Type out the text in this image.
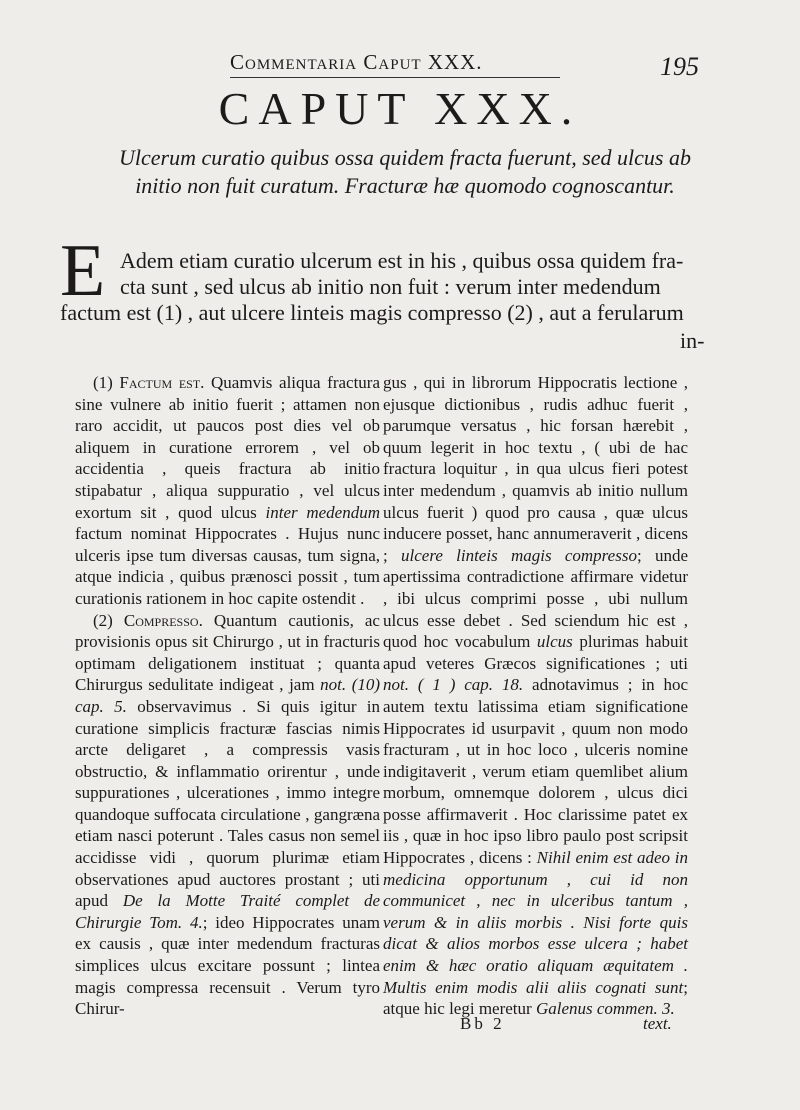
Commentaria Caput XXX.	195
CAPUT XXX.
Ulcerum curatio quibus ossa quidem fracta fuerunt, sed ulcus ab initio non fuit curatum. Fracturæ hæ quomodo cognoscantur.
E Adem etiam curatio ulcerum est in his , quibus ossa quidem fra-
cta sunt , sed ulcus ab initio non fuit : verum inter medendum
factum est (1) , aut ulcere linteis magis compresso (2) , aut a ferularum
in-

(1) Factum est. Quamvis aliqua fractura sine vulnere ab initio fuerit ; attamen non raro accidit, ut paucos post dies vel ob aliquem in curatione errorem , vel ob accidentia , queis fractura ab initio stipabatur , aliqua suppuratio , vel ulcus exortum sit , quod ulcus inter medendum factum nominat Hippocrates . Hujus nunc ulceris ipse tum diversas causas, tum signa, atque indicia , quibus prænosci possit , tum curationis rationem in hoc capite ostendit .

(2) Compresso. Quantum cautionis, ac provisionis opus sit Chirurgo , ut in fracturis optimam deligationem instituat ; quanta Chirurgus sedulitate indigeat , jam not. (10) cap. 5. observavimus . Si quis igitur in curatione simplicis fracturæ fascias nimis arcte deligaret , a compressis vasis obstructio, & inflammatio orirentur , unde suppurationes , ulcerationes , immo integre quandoque suffocata circulatione , gangræna etiam nasci poterunt . Tales casus non semel accidisse vidi , quorum plurimæ etiam observationes apud auctores prostant ; uti apud De la Motte Traité complet de Chirurgie Tom. 4.; ideo Hippocrates unam ex causis , quæ inter medendum fracturas simplices ulcus excitare possunt ; lintea magis compressa recensuit . Verum tyro Chirur-

gus , qui in librorum Hippocratis lectione , ejusque dictionibus , rudis adhuc fuerit , parumque versatus , hic forsan hærebit , quum legerit in hoc textu , ( ubi de hac fractura loquitur , in qua ulcus fieri potest inter medendum , quamvis ab initio nullum ulcus fuerit ) quod pro causa , quæ ulcus inducere posset, hanc annumeraverit , dicens ; ulcere linteis magis compresso; unde apertissima contradictione affirmare videtur , ibi ulcus comprimi posse , ubi nullum ulcus esse debet . Sed sciendum hic est , quod hoc vocabulum ulcus plurimas habuit apud veteres Græcos significationes ; uti not. ( 1 ) cap. 18. adnotavimus ; in hoc autem textu latissima etiam significatione Hippocrates id usurpavit , quum non modo fracturam , ut in hoc loco , ulceris nomine indigitaverit , verum etiam quemlibet alium morbum, omnemque dolorem , ulcus dici posse affirmaverit . Hoc clarissime patet ex iis , quæ in hoc ipso libro paulo post scripsit Hippocrates , dicens : Nihil enim est adeo in medicina opportunum , cui id non communicet , nec in ulceribus tantum , verum & in aliis morbis . Nisi forte quis dicat & alios morbos esse ulcera ; habet enim & hæc oratio aliquam æquitatem . Multis enim modis alii aliis cognati sunt; atque hic legi meretur Galenus commen. 3.

Bb 2	text.
